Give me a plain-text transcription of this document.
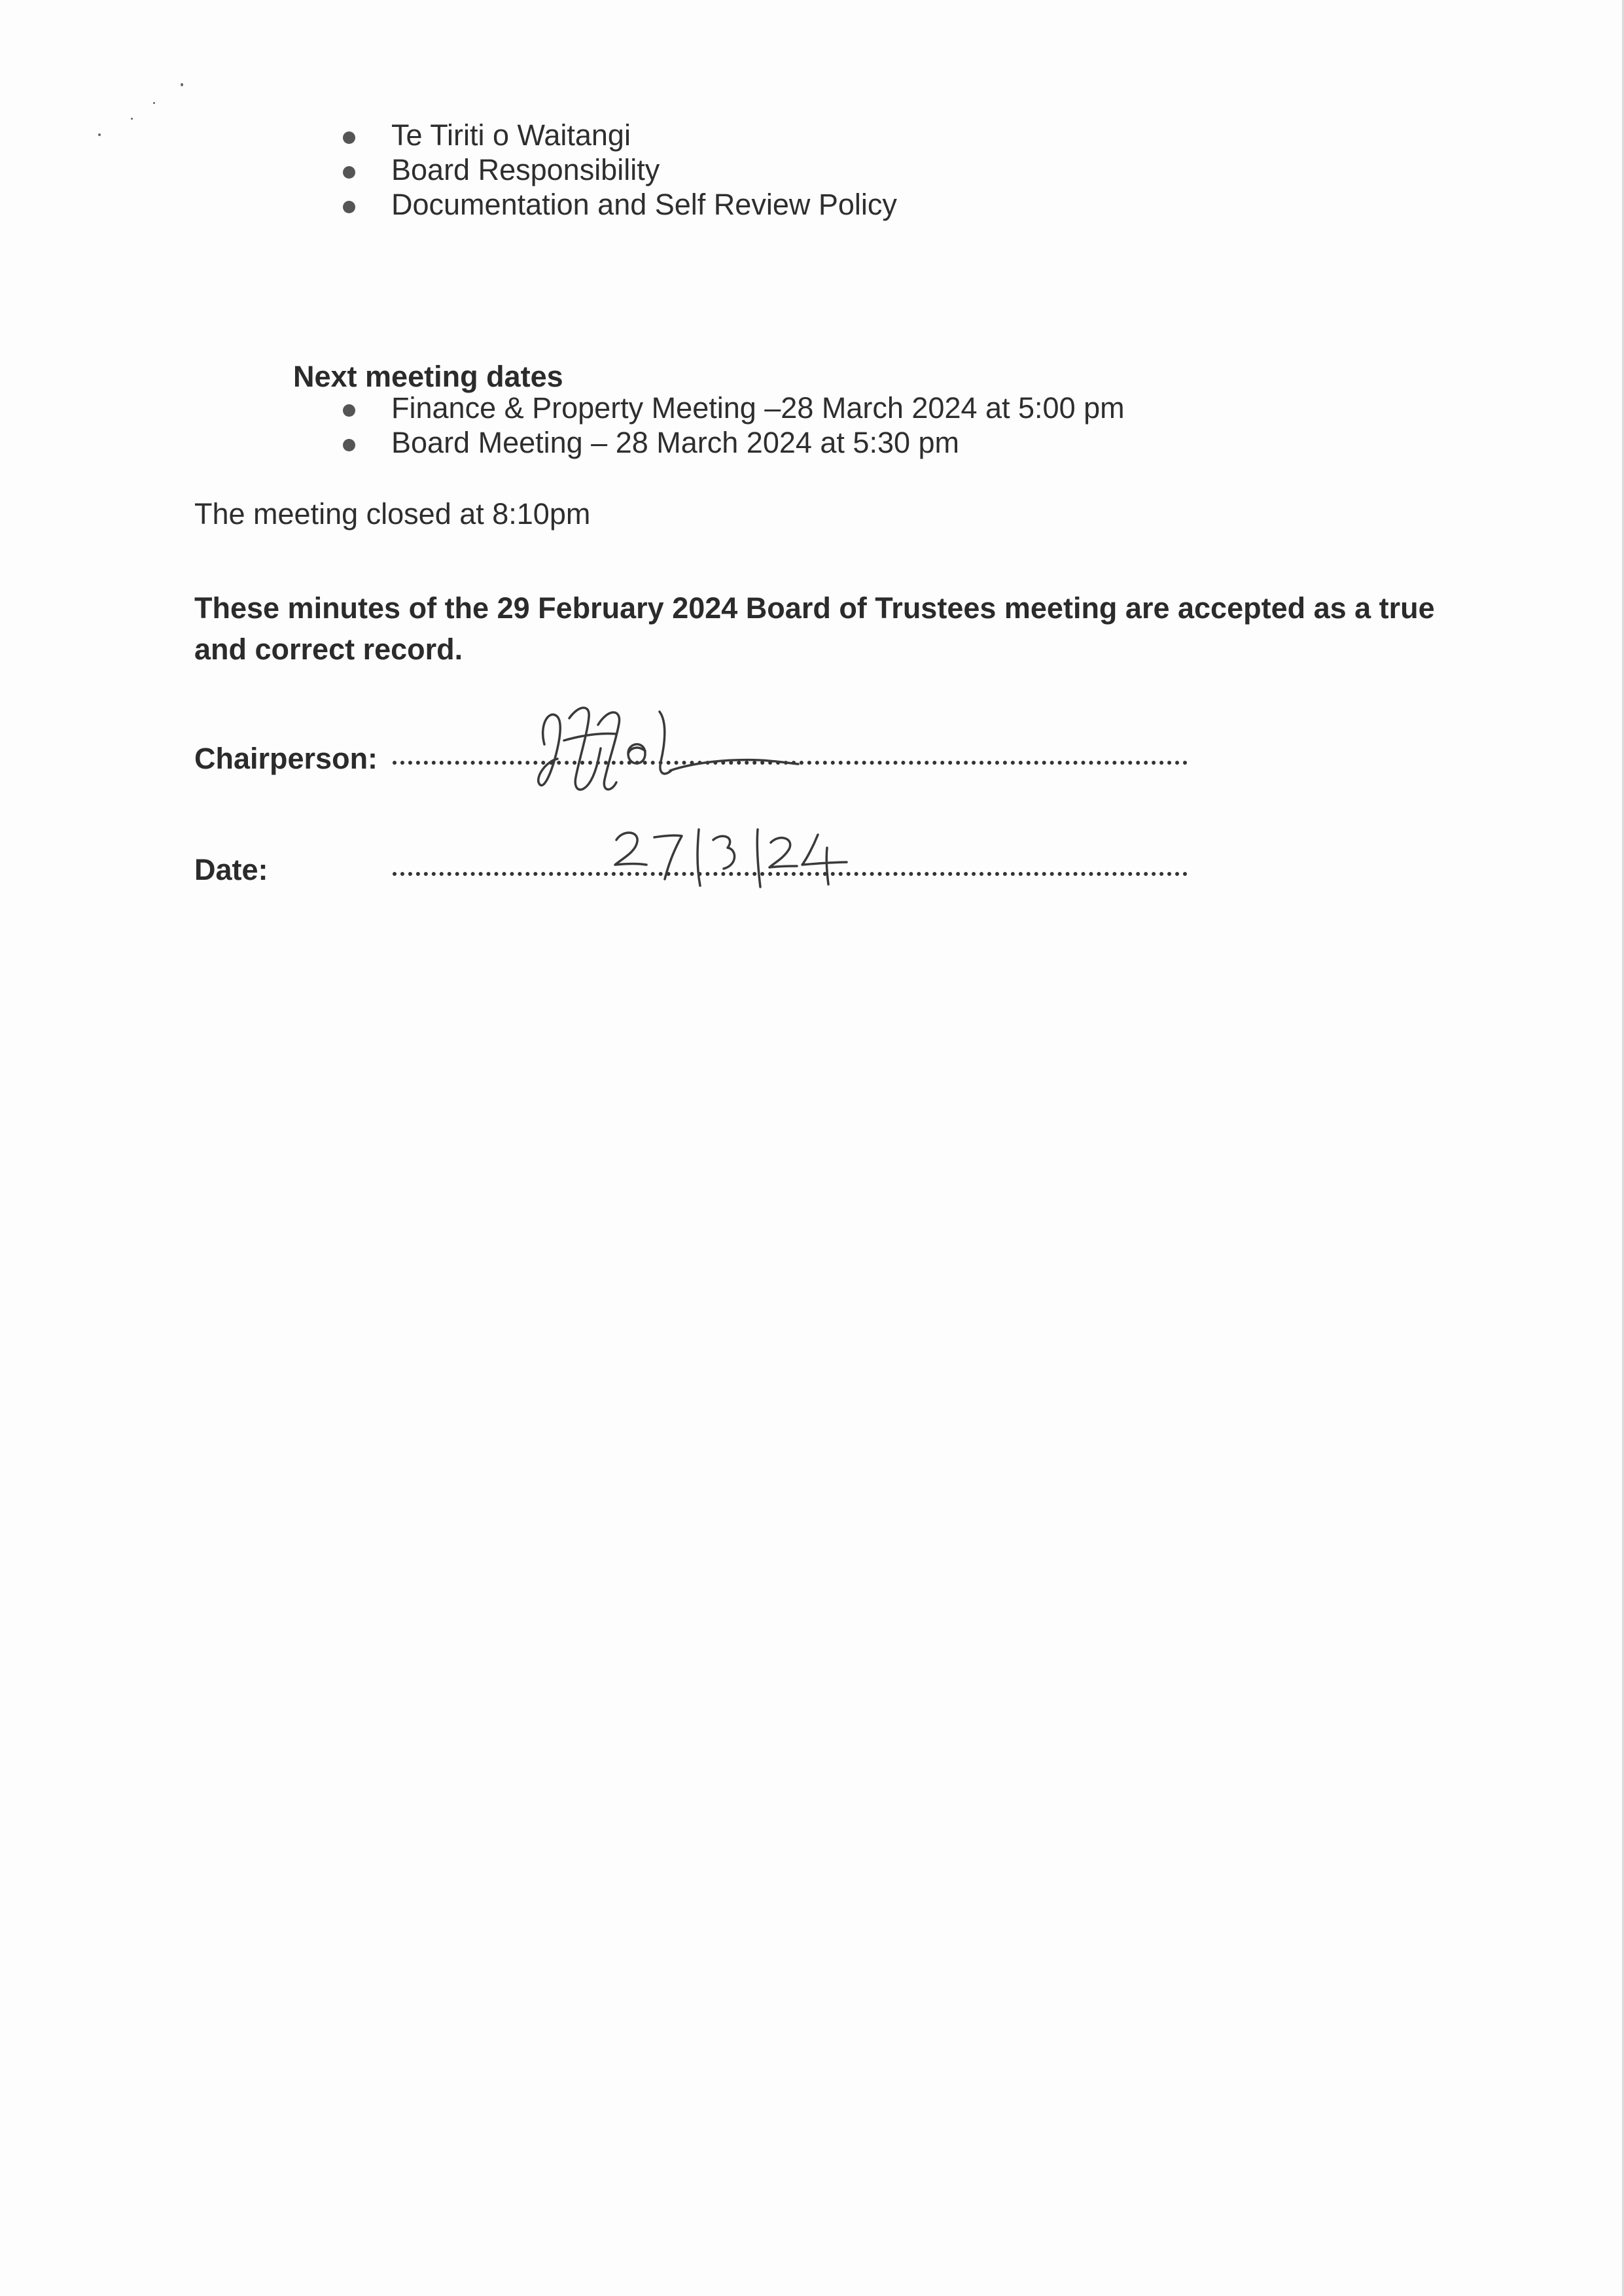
Te Tiriti o Waitangi
Board Responsibility
Documentation and Self Review Policy
Next meeting dates
Finance & Property Meeting –28 March 2024 at 5:00 pm
Board Meeting – 28 March 2024 at 5:30 pm
The meeting closed at 8:10pm
These minutes of the 29 February 2024 Board of Trustees meeting are accepted as a true and correct record.
Chairperson:
Date:
